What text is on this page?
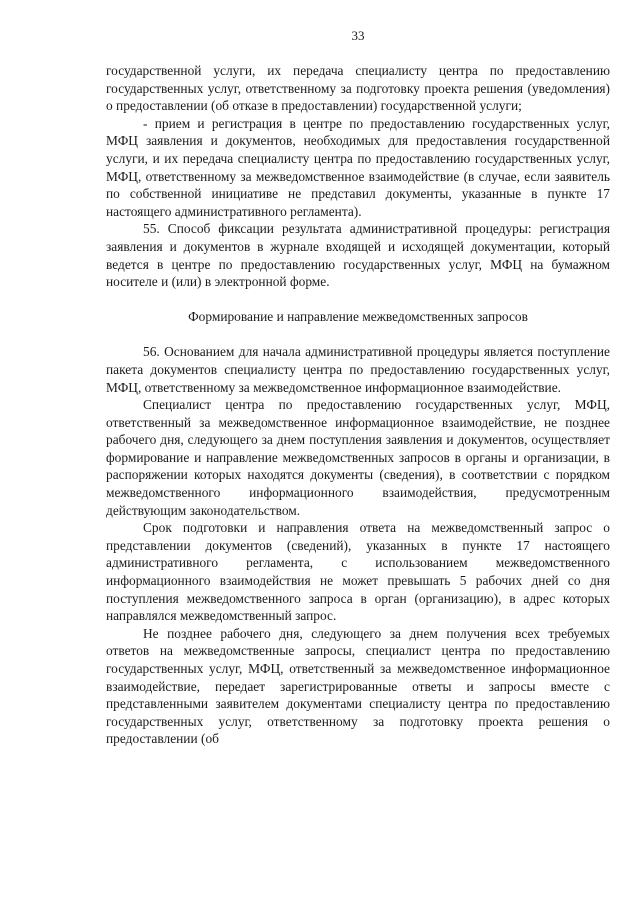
33

государственной услуги, их передача специалисту центра по предоставлению государственных услуг, ответственному за подготовку проекта решения (уведомления) о предоставлении (об отказе в предоставлении) государственной услуги;

- прием и регистрация в центре по предоставлению государственных услуг, МФЦ заявления и документов, необходимых для предоставления государственной услуги, и их передача специалисту центра по предоставлению государственных услуг, МФЦ, ответственному за межведомственное взаимодействие (в случае, если заявитель по собственной инициативе не представил документы, указанные в пункте 17 настоящего административного регламента).

55. Способ фиксации результата административной процедуры: регистрация заявления и документов в журнале входящей и исходящей документации, который ведется в центре по предоставлению государственных услуг, МФЦ на бумажном носителе и (или) в электронной форме.

Формирование и направление межведомственных запросов

56. Основанием для начала административной процедуры является поступление пакета документов специалисту центра по предоставлению государственных услуг, МФЦ, ответственному за межведомственное информационное взаимодействие.

Специалист центра по предоставлению государственных услуг, МФЦ, ответственный за межведомственное информационное взаимодействие, не позднее рабочего дня, следующего за днем поступления заявления и документов, осуществляет формирование и направление межведомственных запросов в органы и организации, в распоряжении которых находятся документы (сведения), в соответствии с порядком межведомственного информационного взаимодействия, предусмотренным действующим законодательством.

Срок подготовки и направления ответа на межведомственный запрос о представлении документов (сведений), указанных в пункте 17 настоящего административного регламента, с использованием межведомственного информационного взаимодействия не может превышать 5 рабочих дней со дня поступления межведомственного запроса в орган (организацию), в адрес которых направлялся межведомственный запрос.

Не позднее рабочего дня, следующего за днем получения всех требуемых ответов на межведомственные запросы, специалист центра по предоставлению государственных услуг, МФЦ, ответственный за межведомственное информационное взаимодействие, передает зарегистрированные ответы и запросы вместе с представленными заявителем документами специалисту центра по предоставлению государственных услуг, ответственному за подготовку проекта решения о предоставлении (об
